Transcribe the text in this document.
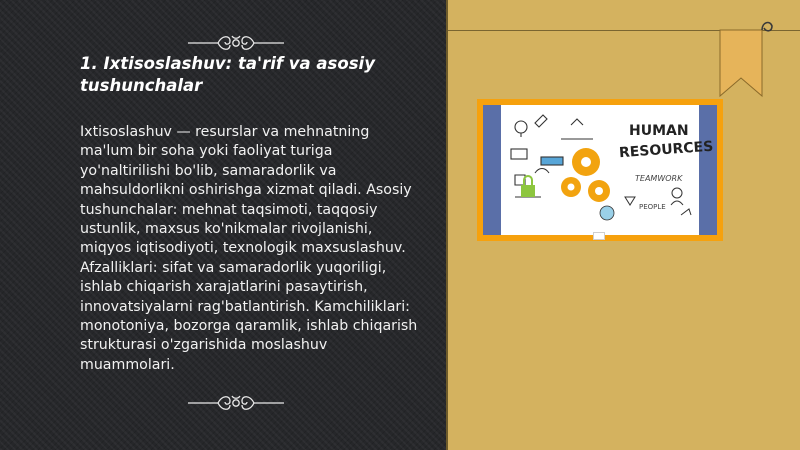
1. Ixtisoslashuv: ta'rif va asosiy tushunchalar
Ixtisoslashuv — resurslar va mehnatning ma'lum bir soha yoki faoliyat turiga yo'naltirilishi bo'lib, samaradorlik va mahsuldorlikni oshirishga xizmat qiladi. Asosiy tushunchalar: mehnat taqsimoti, taqqosiy ustunlik, maxsus ko'nikmalar rivojlanishi, miqyos iqtisodiyoti, texnologik maxsuslashuv. Afzalliklari: sifat va samaradorlik yuqoriligi, ishlab chiqarish xarajatlarini pasaytirish, innovatsiyalarni rag'batlantirish. Kamchiliklari: monotoniya, bozorga qaramlik, ishlab chiqarish strukturasi o'zgarishida moslashuv muammolari.
HUMAN
RESOURCES
TEAMWORK
PEOPLE
